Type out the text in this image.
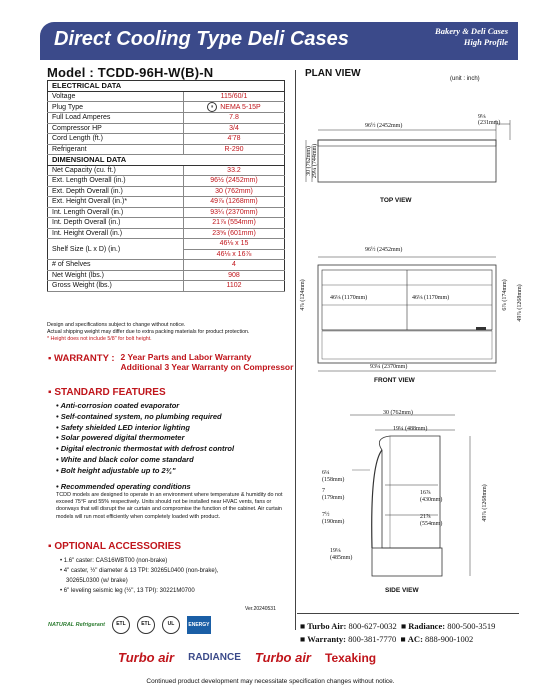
Direct Cooling Type Deli Cases	Bakery & Deli Cases
High Profile
Model : TCDD-96H-W(B)-N
ELECTRICAL DATA	
Voltage	115/60/1
Plug Type	⏸ NEMA 5-15P
Full Load Amperes	7.8
Compressor HP	3/4
Cord Length (ft.)	4'78
Refrigerant	R-290
DIMENSIONAL DATA	
Net Capacity (cu. ft.)	33.2
Ext. Length Overall (in.)	96½ (2452mm)
Ext. Depth Overall (in.)	30 (762mm)
Ext. Height Overall (in.)*	49⅞ (1268mm)
Int. Length Overall (in.)	93¼ (2370mm)
Int. Depth Overall (in.)	21⅞ (554mm)
Int. Height Overall (in.)	23⅝ (601mm)
Shelf Size (L x D) (in.)	46⅛ x 15
	46⅛ x 16⅞
# of Shelves	4
Net Weight (lbs.)	908
Gross Weight (lbs.)	1102
Design and specifications subject to change without notice.
Actual shipping weight may differ due to extra packing materials for product protection.
* Height does not include 5/8" for bolt height.
▪ WARRANTY : 2 Year Parts and Labor Warranty
Additional 3 Year Warranty on Compressor
▪ STANDARD FEATURES
• Anti-corrosion coated evaporator
• Self-contained system, no plumbing required
• Safety shielded LED interior lighting
• Solar powered digital thermometer
• Digital electronic thermostat with defrost control
• White and black color come standard
• Bolt height adjustable up to 2¾"
• Recommended operating conditions
TCDD models are designed to operate in an environment where temperature & humidity do not exceed 75°F and 55% respectively. Units should not be installed near HVAC vents, fans or doorways that will disrupt the air curtain and compromise the function of the cabinet. Air curtain models will run most efficiently when completely loaded with product.
▪ OPTIONAL ACCESSORIES
• 1.6" caster: CAS16WBT00 (non-brake)
• 4" caster, ½" diameter & 13 TPI: 30265L0400 (non-brake),
30265L0300 (w/ brake)
• 6" leveling seismic leg (½", 13 TPI): 30221M0700
Ver.20240531
PLAN VIEW	(unit : inch)
96½ (2452mm)
9⅛ (231mm)
30 (762mm) 29¼ (744mm)
TOP VIEW
96½ (2452mm)
46⅛ (1170mm)	46⅛ (1170mm)
93¼ (2370mm)
4⅞ (124mm)	6⅞ (174mm) 49⅞ (1268mm)
FRONT VIEW
30 (762mm)
19¼ (488mm)
6¼ (158mm)
7 (179mm)
7½ (190mm)
16⅞ (430mm)
21⅞ (554mm)
19⅛ (485mm)
49⅞ (1268mm)
SIDE VIEW
■ Turbo Air: 800-627-0032 ■ Radiance: 800-500-3519
■ Warranty: 800-381-7770 ■ AC: 888-900-1002
NATURAL Refrigerant	ETL	ETL	UL	ENERGY
Turbo air RADIANCE Turbo air Texaking
Continued product development may necessitate specification changes without notice.
